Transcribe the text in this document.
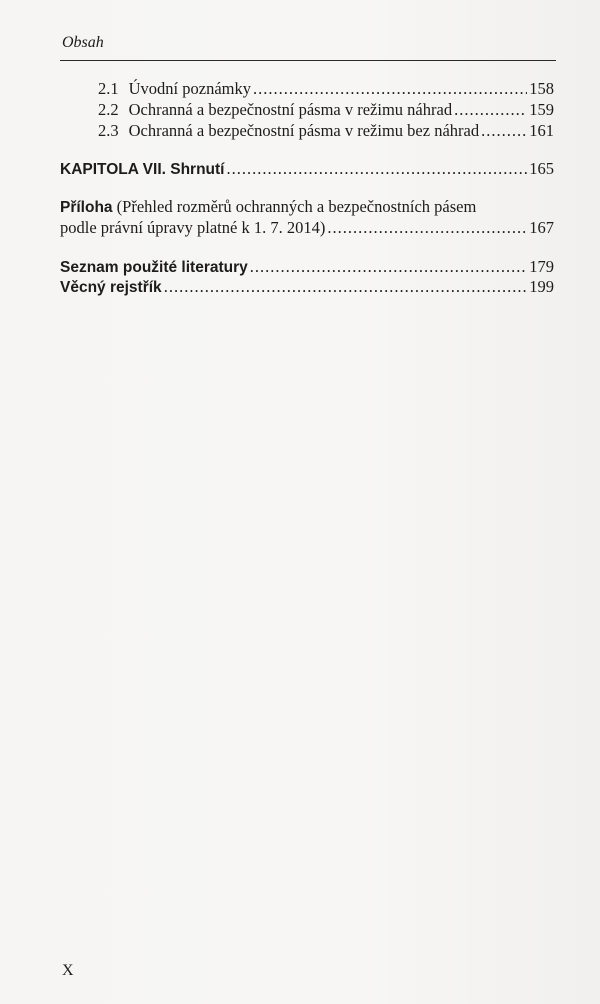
Obsah
2.1 Úvodní poznámky .....	158
2.2 Ochranná a bezpečnostní pásma v režimu náhrad .....	159
2.3 Ochranná a bezpečnostní pásma v režimu bez náhrad .....	161
KAPITOLA VII. Shrnutí .....	165
Příloha (Přehled rozměrů ochranných a bezpečnostních pásem
podle právní úpravy platné k 1. 7. 2014) .....	167
Seznam použité literatury .....	179
Věcný rejstřík .....	199
X
